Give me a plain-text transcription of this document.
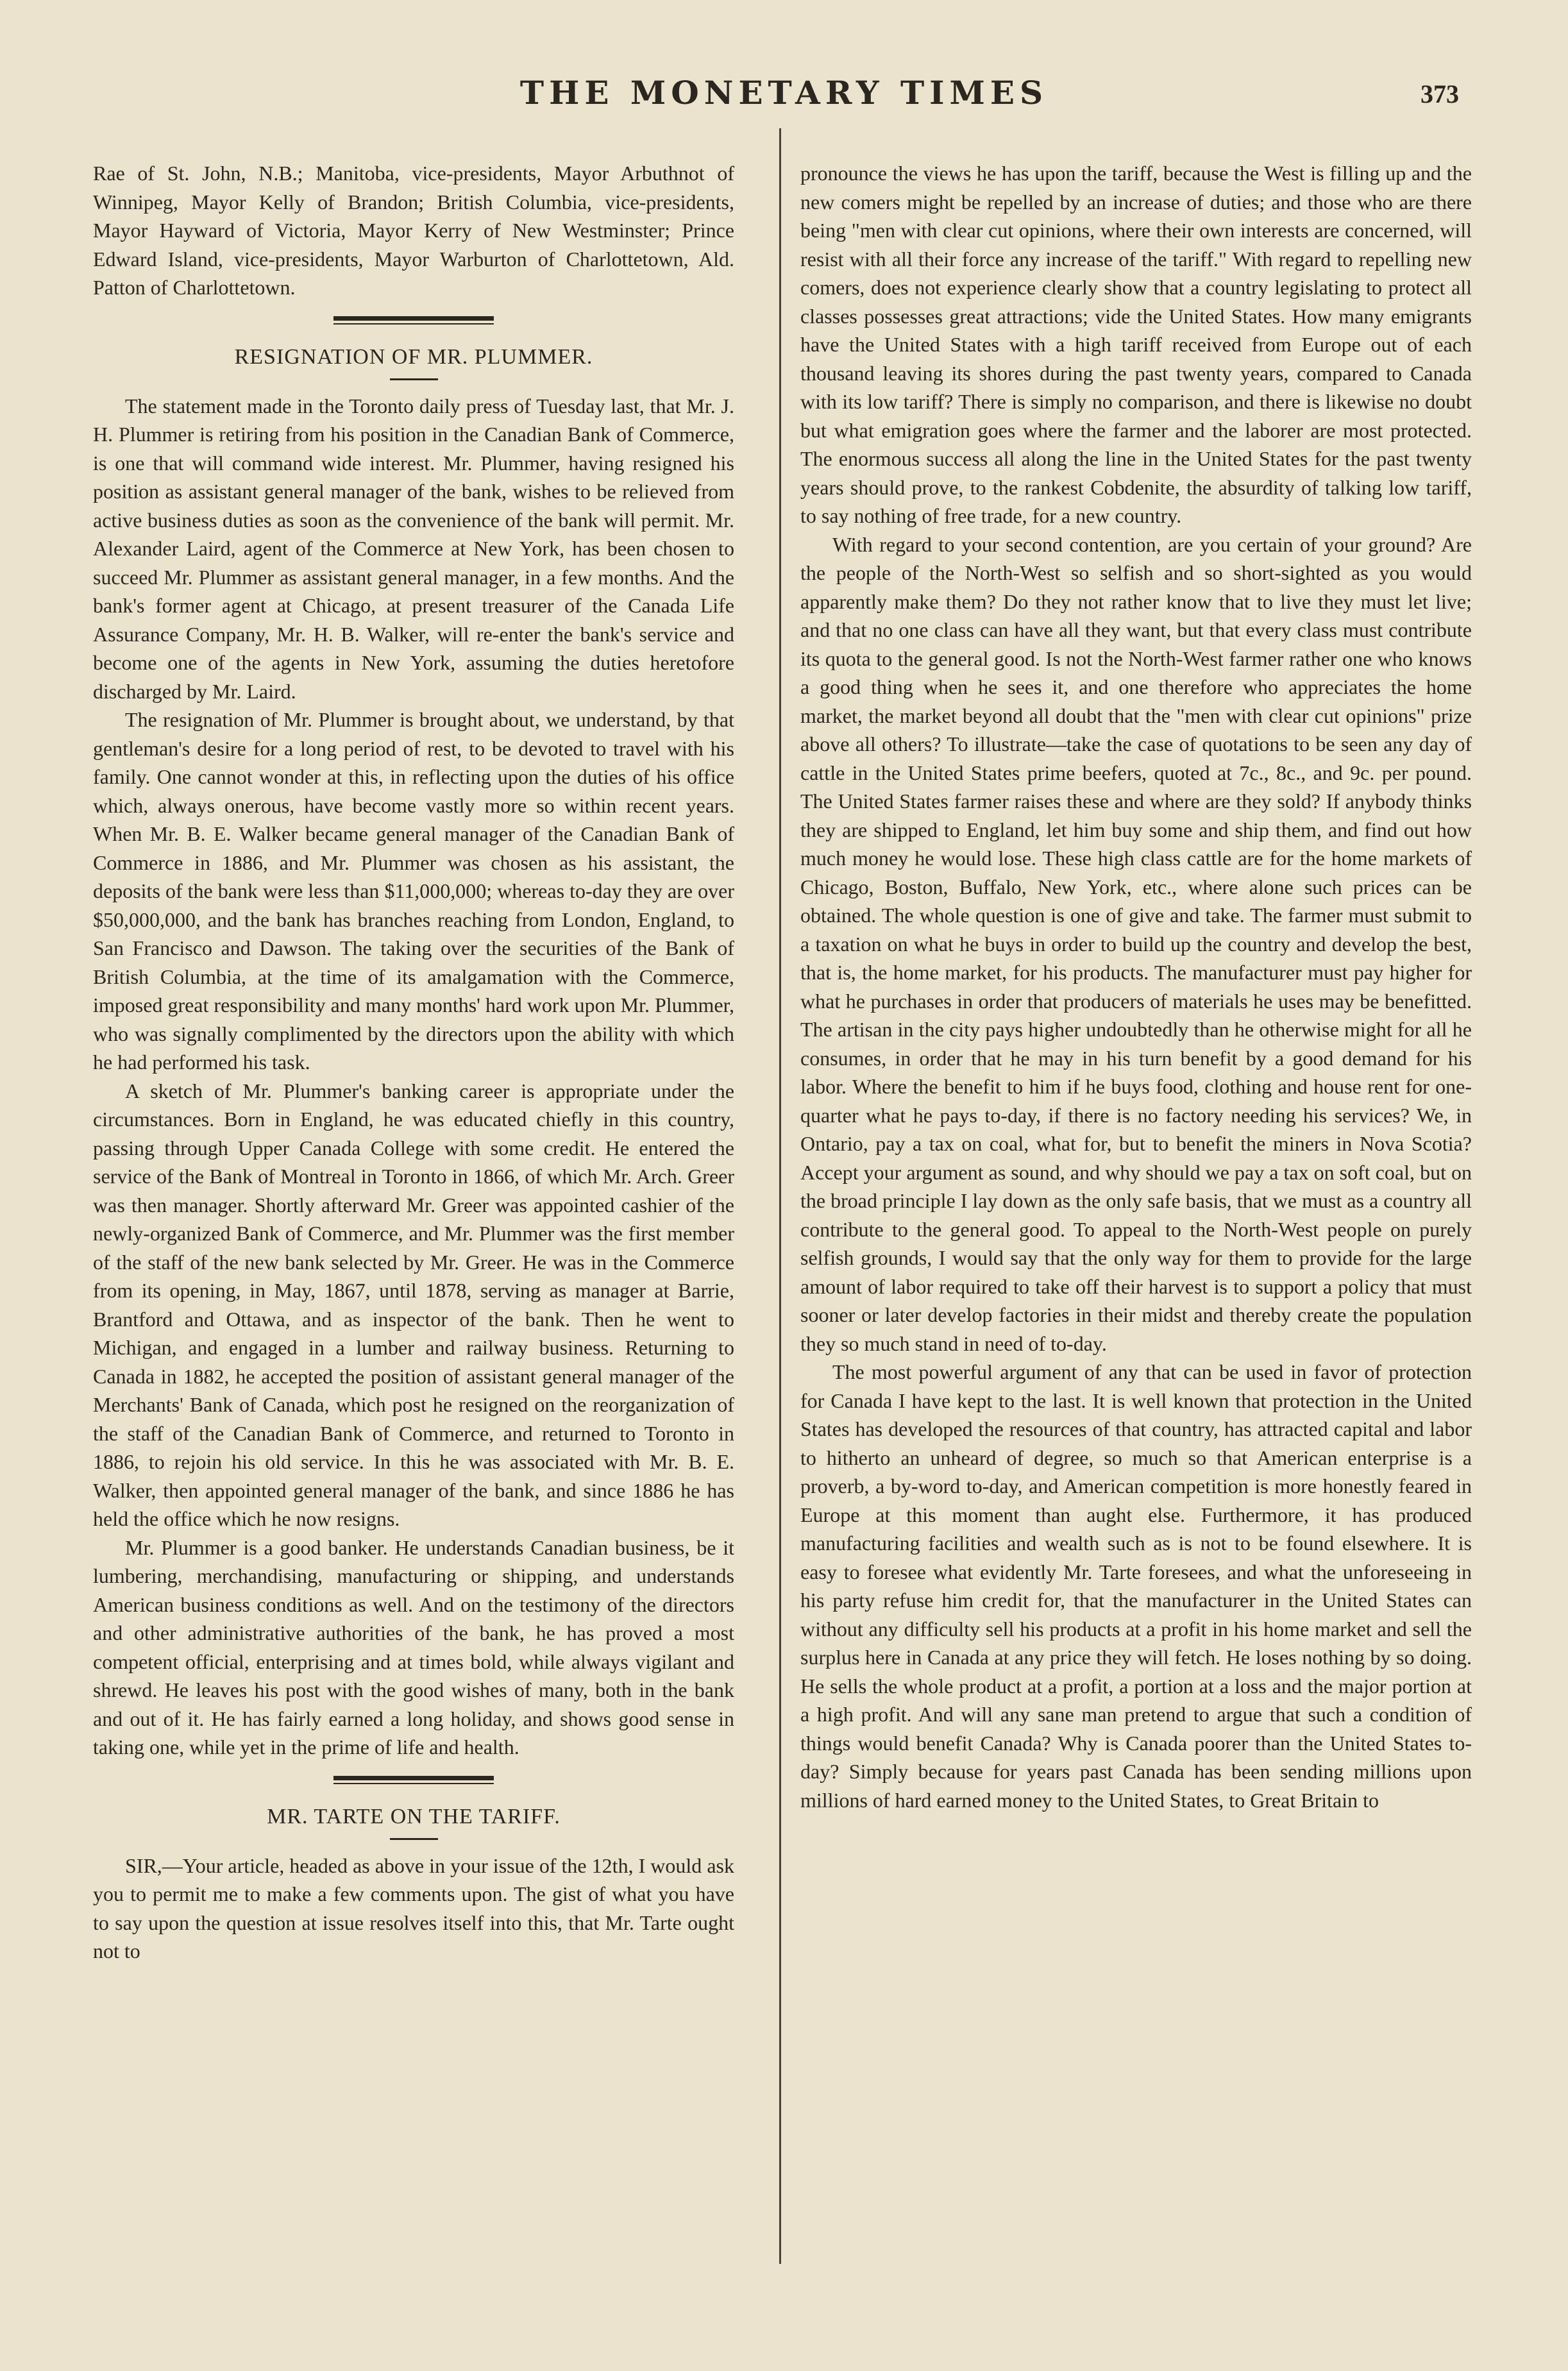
THE MONETARY TIMES	373

Rae of St. John, N.B.; Manitoba, vice-presidents, Mayor Arbuthnot of Winnipeg, Mayor Kelly of Brandon; British Columbia, vice-presidents, Mayor Hayward of Victoria, Mayor Kerry of New Westminster; Prince Edward Island, vice-presidents, Mayor Warburton of Charlottetown, Ald. Patton of Charlottetown.

RESIGNATION OF MR. PLUMMER.

The statement made in the Toronto daily press of Tuesday last, that Mr. J. H. Plummer is retiring from his position in the Canadian Bank of Commerce, is one that will command wide interest. Mr. Plummer, having resigned his position as assistant general manager of the bank, wishes to be relieved from active business duties as soon as the convenience of the bank will permit. Mr. Alexander Laird, agent of the Commerce at New York, has been chosen to succeed Mr. Plummer as assistant general manager, in a few months. And the bank's former agent at Chicago, at present treasurer of the Canada Life Assurance Company, Mr. H. B. Walker, will re-enter the bank's service and become one of the agents in New York, assuming the duties heretofore discharged by Mr. Laird.

The resignation of Mr. Plummer is brought about, we understand, by that gentleman's desire for a long period of rest, to be devoted to travel with his family. One cannot wonder at this, in reflecting upon the duties of his office which, always onerous, have become vastly more so within recent years. When Mr. B. E. Walker became general manager of the Canadian Bank of Commerce in 1886, and Mr. Plummer was chosen as his assistant, the deposits of the bank were less than $11,000,000; whereas to-day they are over $50,000,000, and the bank has branches reaching from London, England, to San Francisco and Dawson. The taking over the securities of the Bank of British Columbia, at the time of its amalgamation with the Commerce, imposed great responsibility and many months' hard work upon Mr. Plummer, who was signally complimented by the directors upon the ability with which he had performed his task.

A sketch of Mr. Plummer's banking career is appropriate under the circumstances. Born in England, he was educated chiefly in this country, passing through Upper Canada College with some credit. He entered the service of the Bank of Montreal in Toronto in 1866, of which Mr. Arch. Greer was then manager. Shortly afterward Mr. Greer was appointed cashier of the newly-organized Bank of Commerce, and Mr. Plummer was the first member of the staff of the new bank selected by Mr. Greer. He was in the Commerce from its opening, in May, 1867, until 1878, serving as manager at Barrie, Brantford and Ottawa, and as inspector of the bank. Then he went to Michigan, and engaged in a lumber and railway business. Returning to Canada in 1882, he accepted the position of assistant general manager of the Merchants' Bank of Canada, which post he resigned on the reorganization of the staff of the Canadian Bank of Commerce, and returned to Toronto in 1886, to rejoin his old service. In this he was associated with Mr. B. E. Walker, then appointed general manager of the bank, and since 1886 he has held the office which he now resigns.

Mr. Plummer is a good banker. He understands Canadian business, be it lumbering, merchandising, manufacturing or shipping, and understands American business conditions as well. And on the testimony of the directors and other administrative authorities of the bank, he has proved a most competent official, enterprising and at times bold, while always vigilant and shrewd. He leaves his post with the good wishes of many, both in the bank and out of it. He has fairly earned a long holiday, and shows good sense in taking one, while yet in the prime of life and health.

MR. TARTE ON THE TARIFF.

SIR,—Your article, headed as above in your issue of the 12th, I would ask you to permit me to make a few comments upon. The gist of what you have to say upon the question at issue resolves itself into this, that Mr. Tarte ought not to

pronounce the views he has upon the tariff, because the West is filling up and the new comers might be repelled by an increase of duties; and those who are there being "men with clear cut opinions, where their own interests are concerned, will resist with all their force any increase of the tariff." With regard to repelling new comers, does not experience clearly show that a country legislating to protect all classes possesses great attractions; vide the United States. How many emigrants have the United States with a high tariff received from Europe out of each thousand leaving its shores during the past twenty years, compared to Canada with its low tariff? There is simply no comparison, and there is likewise no doubt but what emigration goes where the farmer and the laborer are most protected. The enormous success all along the line in the United States for the past twenty years should prove, to the rankest Cobdenite, the absurdity of talking low tariff, to say nothing of free trade, for a new country.

With regard to your second contention, are you certain of your ground? Are the people of the North-West so selfish and so short-sighted as you would apparently make them? Do they not rather know that to live they must let live; and that no one class can have all they want, but that every class must contribute its quota to the general good. Is not the North-West farmer rather one who knows a good thing when he sees it, and one therefore who appreciates the home market, the market beyond all doubt that the "men with clear cut opinions" prize above all others? To illustrate—take the case of quotations to be seen any day of cattle in the United States prime beefers, quoted at 7c., 8c., and 9c. per pound. The United States farmer raises these and where are they sold? If anybody thinks they are shipped to England, let him buy some and ship them, and find out how much money he would lose. These high class cattle are for the home markets of Chicago, Boston, Buffalo, New York, etc., where alone such prices can be obtained. The whole question is one of give and take. The farmer must submit to a taxation on what he buys in order to build up the country and develop the best, that is, the home market, for his products. The manufacturer must pay higher for what he purchases in order that producers of materials he uses may be benefitted. The artisan in the city pays higher undoubtedly than he otherwise might for all he consumes, in order that he may in his turn benefit by a good demand for his labor. Where the benefit to him if he buys food, clothing and house rent for one-quarter what he pays to-day, if there is no factory needing his services? We, in Ontario, pay a tax on coal, what for, but to benefit the miners in Nova Scotia? Accept your argument as sound, and why should we pay a tax on soft coal, but on the broad principle I lay down as the only safe basis, that we must as a country all contribute to the general good. To appeal to the North-West people on purely selfish grounds, I would say that the only way for them to provide for the large amount of labor required to take off their harvest is to support a policy that must sooner or later develop factories in their midst and thereby create the population they so much stand in need of to-day.

The most powerful argument of any that can be used in favor of protection for Canada I have kept to the last. It is well known that protection in the United States has developed the resources of that country, has attracted capital and labor to hitherto an unheard of degree, so much so that American enterprise is a proverb, a by-word to-day, and American competition is more honestly feared in Europe at this moment than aught else. Furthermore, it has produced manufacturing facilities and wealth such as is not to be found elsewhere. It is easy to foresee what evidently Mr. Tarte foresees, and what the unforeseeing in his party refuse him credit for, that the manufacturer in the United States can without any difficulty sell his products at a profit in his home market and sell the surplus here in Canada at any price they will fetch. He loses nothing by so doing. He sells the whole product at a profit, a portion at a loss and the major portion at a high profit. And will any sane man pretend to argue that such a condition of things would benefit Canada? Why is Canada poorer than the United States to-day? Simply because for years past Canada has been sending millions upon millions of hard earned money to the United States, to Great Britain to
